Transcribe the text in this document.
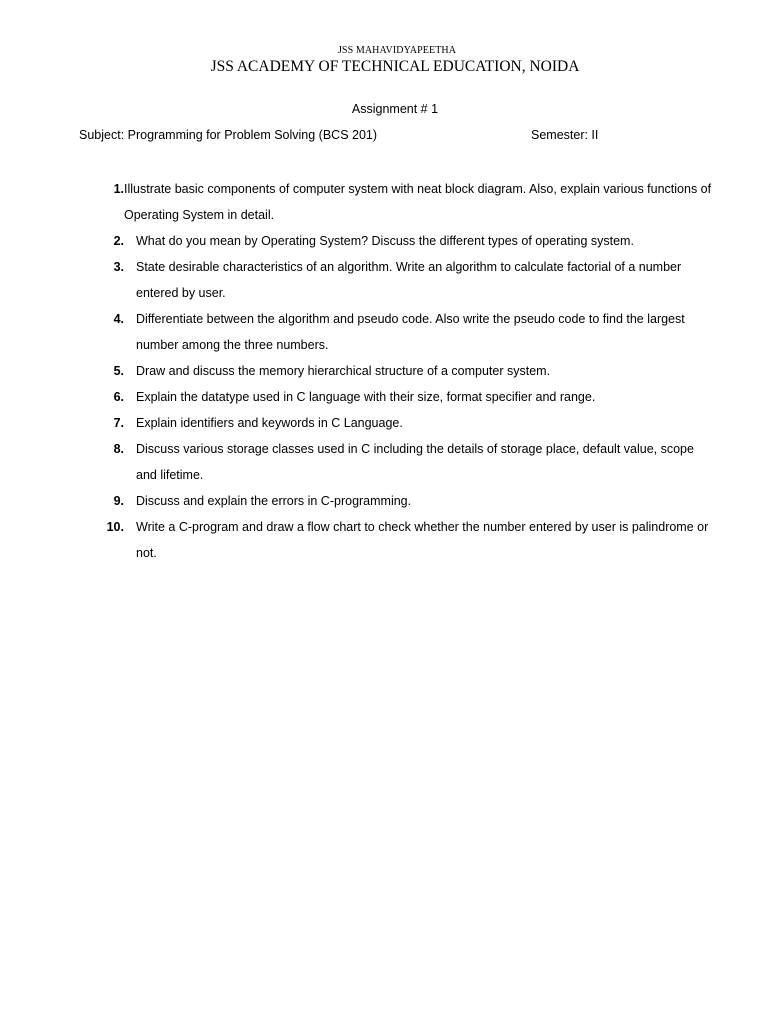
JSS MAHAVIDYAPEETHA
JSS ACADEMY OF TECHNICAL EDUCATION, NOIDA
Assignment # 1
Subject: Programming for Problem Solving (BCS 201)	Semester: II
1. Illustrate basic components of computer system with neat block diagram. Also, explain various functions of Operating System in detail.
2. What do you mean by Operating System? Discuss the different types of operating system.
3. State desirable characteristics of an algorithm. Write an algorithm to calculate factorial of a number entered by user.
4. Differentiate between the algorithm and pseudo code. Also write the pseudo code to find the largest number among the three numbers.
5. Draw and discuss the memory hierarchical structure of a computer system.
6. Explain the datatype used in C language with their size, format specifier and range.
7. Explain identifiers and keywords in C Language.
8. Discuss various storage classes used in C including the details of storage place, default value, scope and lifetime.
9. Discuss and explain the errors in C-programming.
10. Write a C-program and draw a flow chart to check whether the number entered by user is palindrome or not.
